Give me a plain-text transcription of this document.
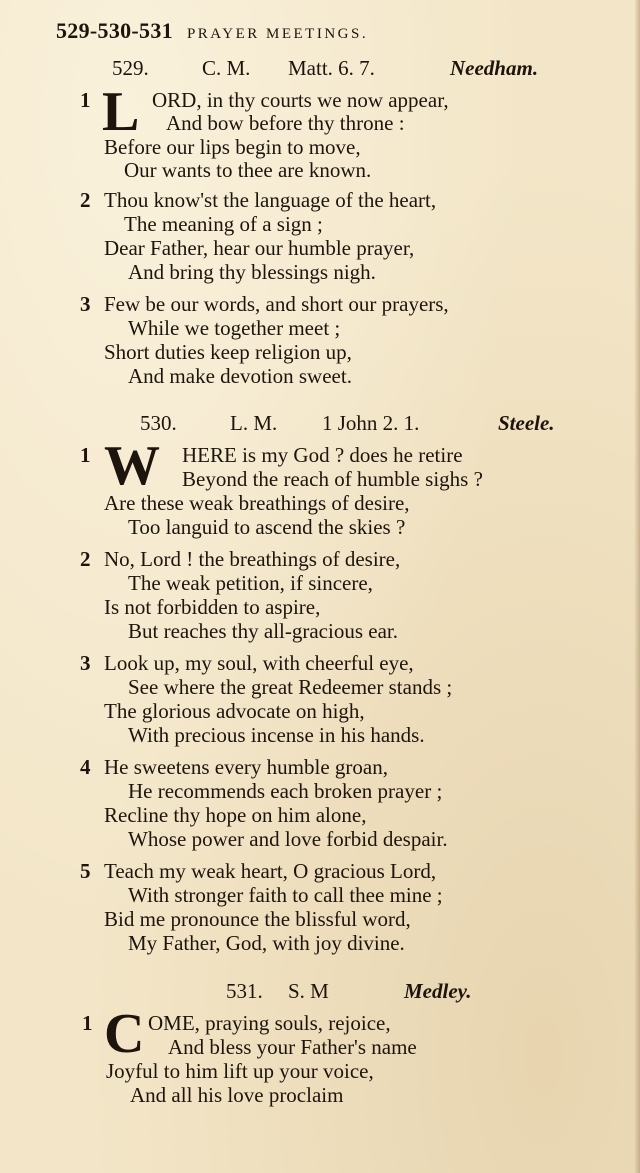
529-530-531 PRAYER MEETINGS.
529.	C. M. Matt. 6. 7.	Needham.
1 L ORD, in thy courts we now appear,
And bow before thy throne :
Before our lips begin to move,
Our wants to thee are known.
2 Thou know'st the language of the heart,
The meaning of a sign ;
Dear Father, hear our humble prayer,
And bring thy blessings nigh.
3 Few be our words, and short our prayers,
While we together meet ;
Short duties keep religion up,
And make devotion sweet.
530.	L. M. 1 John 2. 1.	Steele.
1 W HERE is my God ? does he retire
Beyond the reach of humble sighs ?
Are these weak breathings of desire,
Too languid to ascend the skies ?
2 No, Lord ! the breathings of desire,
The weak petition, if sincere,
Is not forbidden to aspire,
But reaches thy all-gracious ear.
3 Look up, my soul, with cheerful eye,
See where the great Redeemer stands ;
The glorious advocate on high,
With precious incense in his hands.
4 He sweetens every humble groan,
He recommends each broken prayer ;
Recline thy hope on him alone,
Whose power and love forbid despair.
5 Teach my weak heart, O gracious Lord,
With stronger faith to call thee mine ;
Bid me pronounce the blissful word,
My Father, God, with joy divine.
531. S. M	Medley.
1 C OME, praying souls, rejoice,
And bless your Father's name
Joyful to him lift up your voice,
And all his love proclaim
